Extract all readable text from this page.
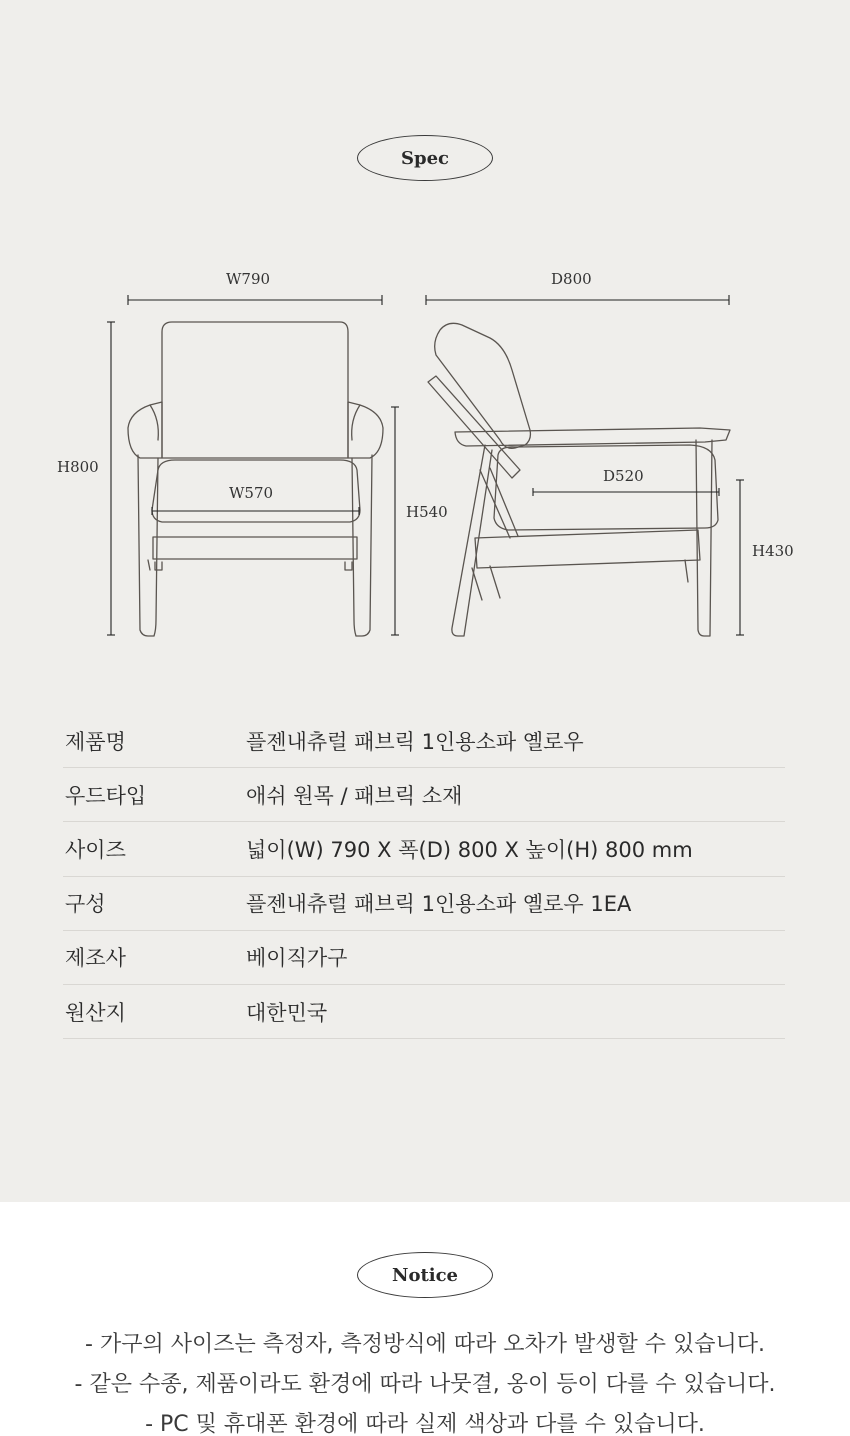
Spec
W790	D800
H800
W570
H540
D520
H430
제품명	플젠내츄럴 패브릭 1인용소파 옐로우
우드타입	애쉬 원목 / 패브릭 소재
사이즈	넓이(W) 790 X 폭(D) 800 X 높이(H) 800 mm
구성	플젠내츄럴 패브릭 1인용소파 옐로우 1EA
제조사	베이직가구
원산지	대한민국
Notice
- 가구의 사이즈는 측정자, 측정방식에 따라 오차가 발생할 수 있습니다.
- 같은 수종, 제품이라도 환경에 따라 나뭇결, 옹이 등이 다를 수 있습니다.
- PC 및 휴대폰 환경에 따라 실제 색상과 다를 수 있습니다.
